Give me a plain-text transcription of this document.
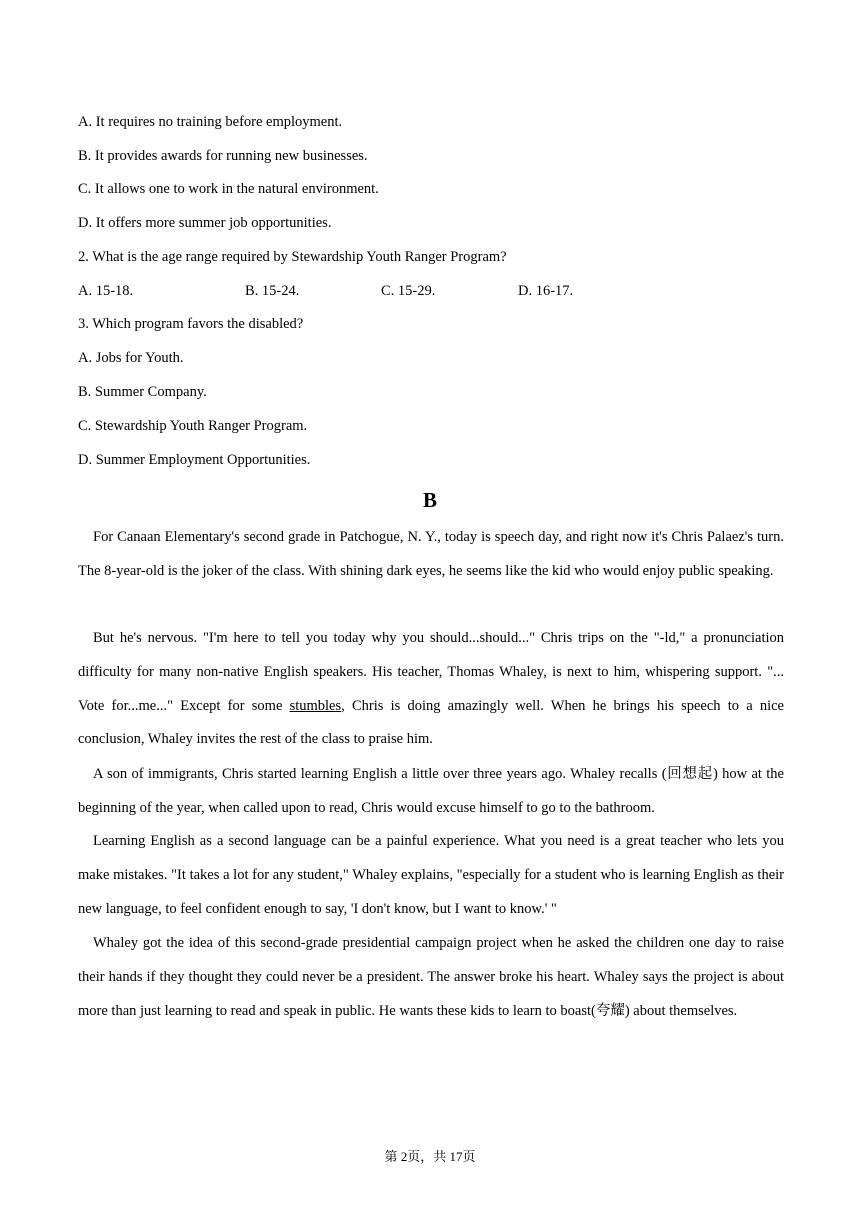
A. It requires no training before employment.
B. It provides awards for running new businesses.
C. It allows one to work in the natural environment.
D. It offers more summer job opportunities.
2. What is the age range required by Stewardship Youth Ranger Program?
A. 15-18.	B. 15-24.	C. 15-29.	D. 16-17.
3. Which program favors the disabled?
A. Jobs for Youth.
B. Summer Company.
C. Stewardship Youth Ranger Program.
D. Summer Employment Opportunities.
B
For Canaan Elementary's second grade in Patchogue, N. Y., today is speech day, and right now it's Chris Palaez's turn. The 8-year-old is the joker of the class. With shining dark eyes, he seems like the kid who would enjoy public speaking.
But he's nervous. "I'm here to tell you today why you should...should..." Chris trips on the "-ld," a pronunciation difficulty for many non-native English speakers. His teacher, Thomas Whaley, is next to him, whispering support. "... Vote for...me..." Except for some stumbles, Chris is doing amazingly well. When he brings his speech to a nice conclusion, Whaley invites the rest of the class to praise him.
A son of immigrants, Chris started learning English a little over three years ago. Whaley recalls (回想起) how at the beginning of the year, when called upon to read, Chris would excuse himself to go to the bathroom.
Learning English as a second language can be a painful experience. What you need is a great teacher who lets you make mistakes. "It takes a lot for any student," Whaley explains, "especially for a student who is learning English as their new language, to feel confident enough to say, 'I don't know, but I want to know.' "
Whaley got the idea of this second-grade presidential campaign project when he asked the children one day to raise their hands if they thought they could never be a president. The answer broke his heart. Whaley says the project is about more than just learning to read and speak in public. He wants these kids to learn to boast(夸耀) about themselves.
第 2页，共 17页
